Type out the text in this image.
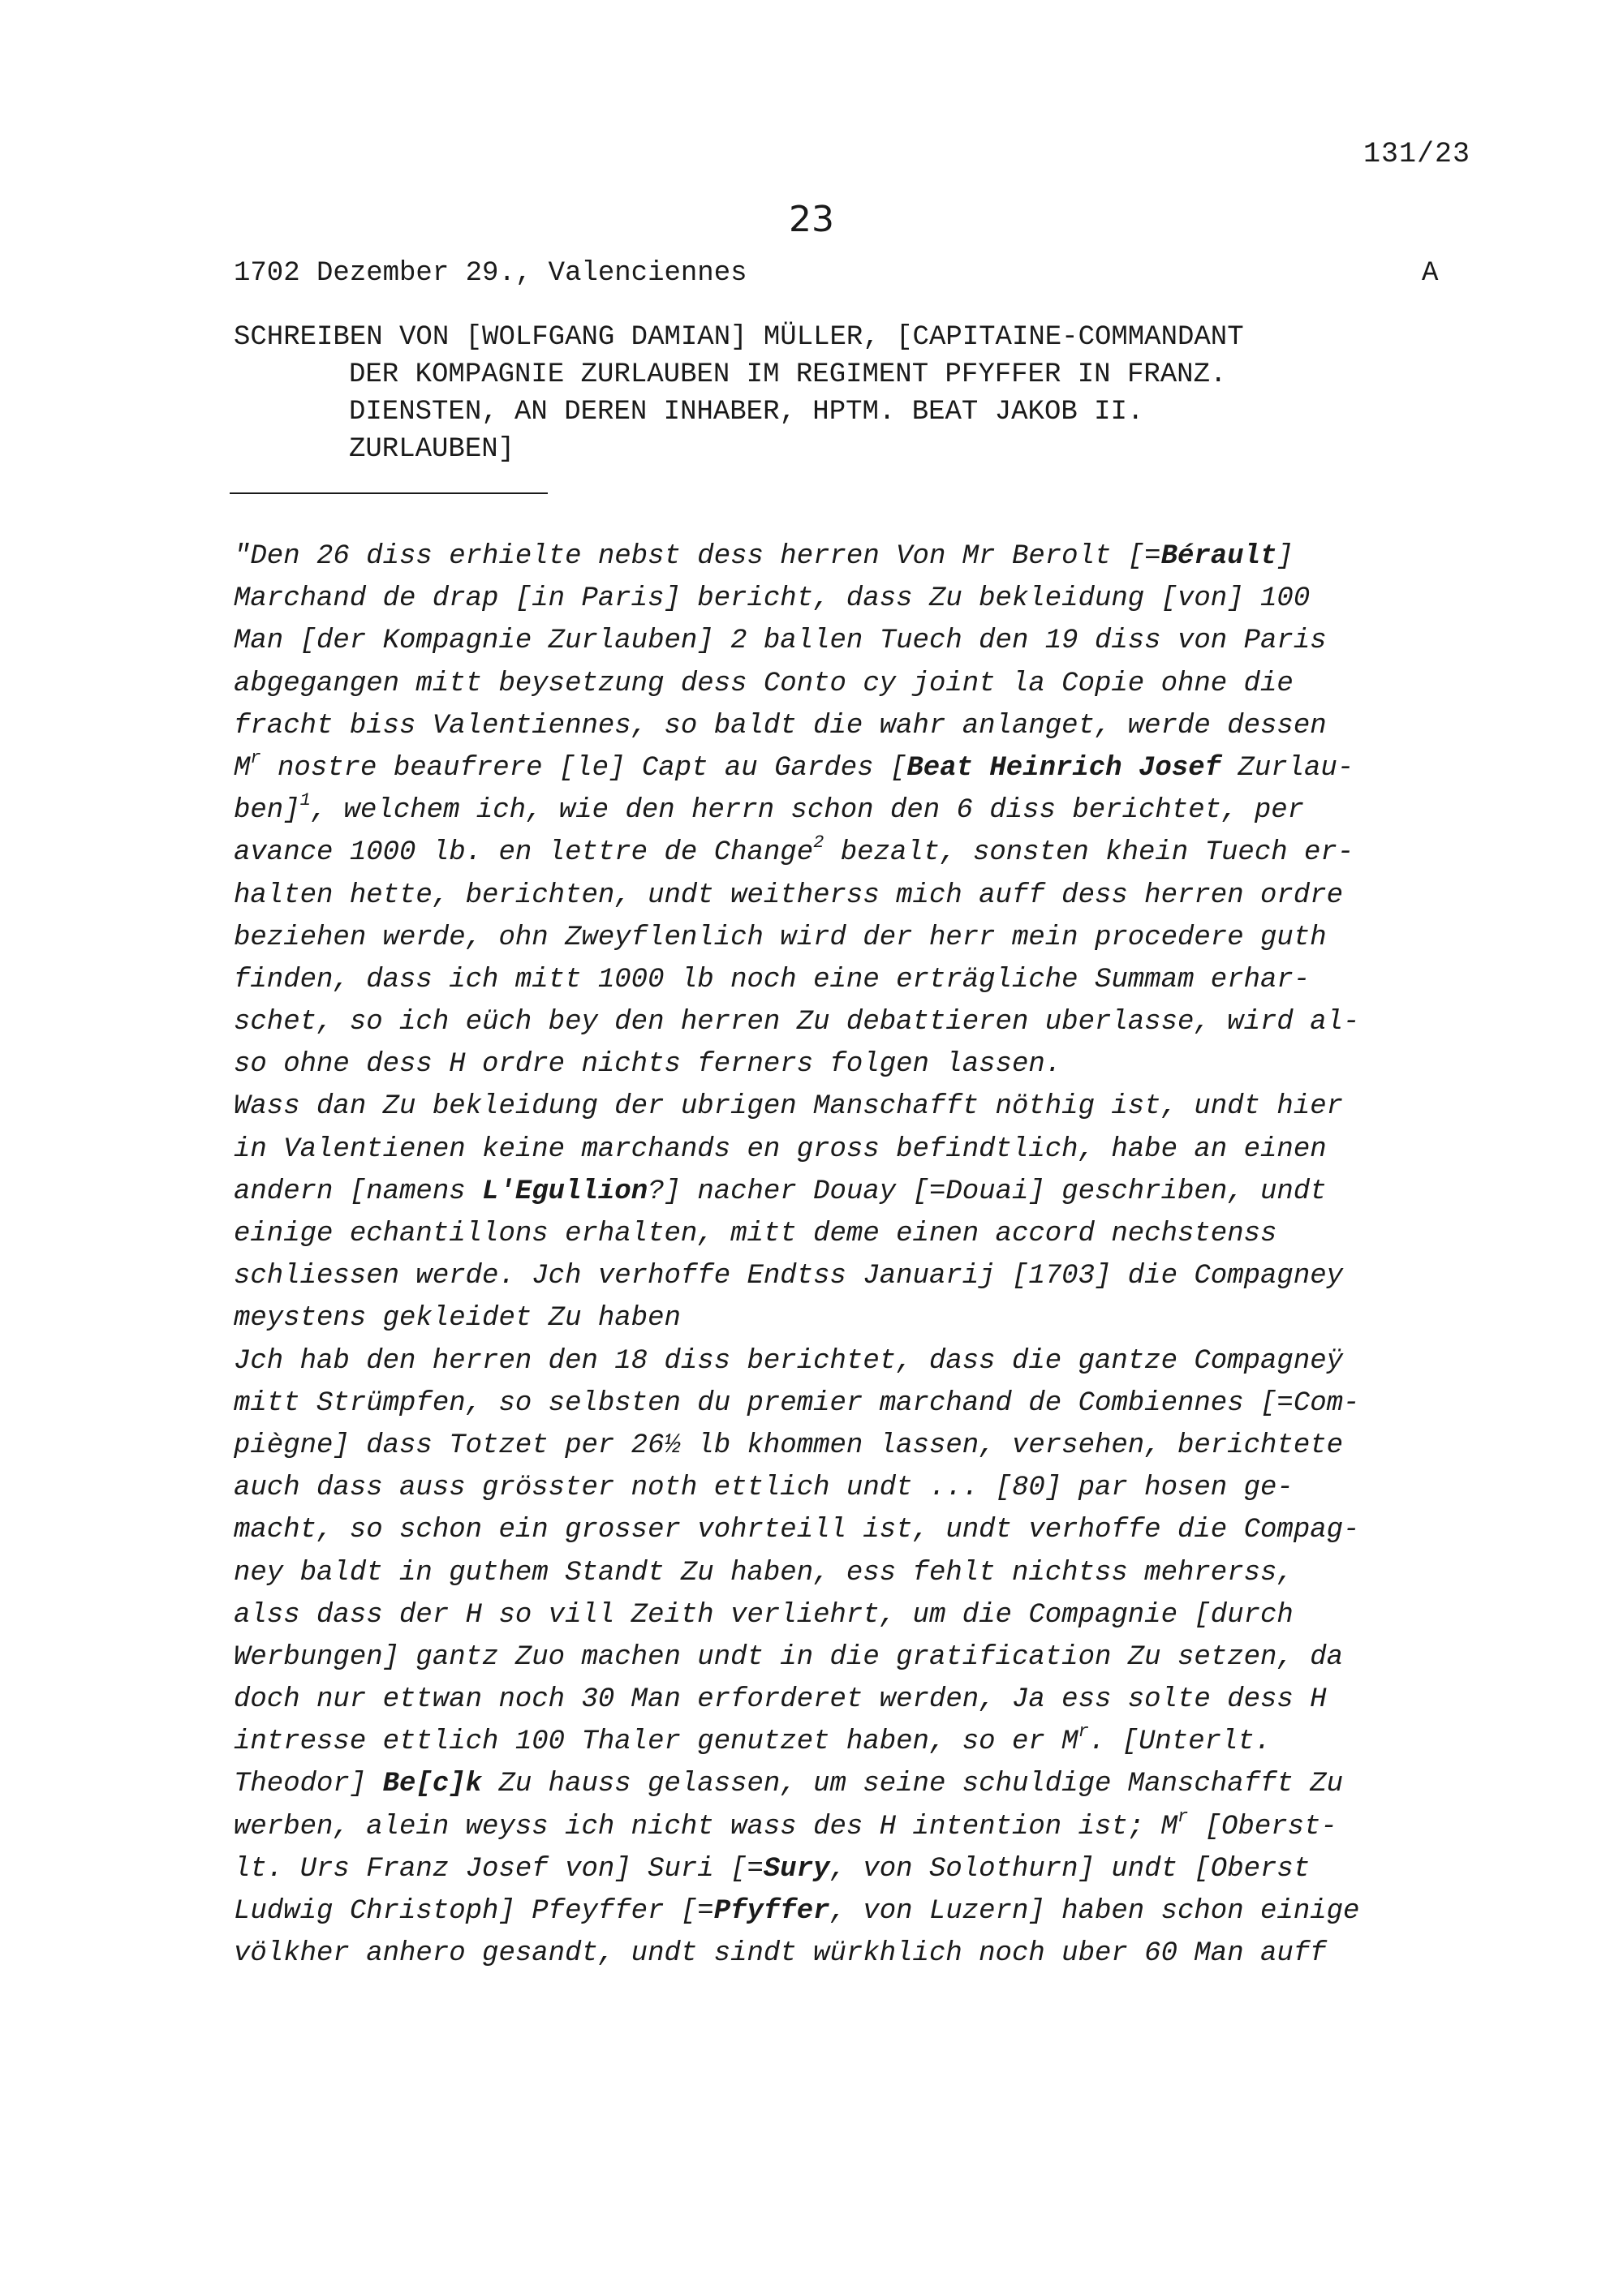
131/23
23
1702 Dezember 29., Valenciennes	A
SCHREIBEN VON [WOLFGANG DAMIAN] MÜLLER, [CAPITAINE-COMMANDANT
DER KOMPAGNIE ZURLAUBEN IM REGIMENT PFYFFER IN FRANZ.
DIENSTEN, AN DEREN INHABER, HPTM. BEAT JAKOB II.
ZURLAUBEN]
"Den 26 diss erhielte nebst dess herren Von Mr Berolt [=Bérault]
Marchand de drap [in Paris] bericht, dass Zu bekleidung [von] 100
Man [der Kompagnie Zurlauben] 2 ballen Tuech den 19 diss von Paris
abgegangen mitt beysetzung dess Conto cy joint la Copie ohne die
fracht biss Valentiennes, so baldt die wahr anlanget, werde dessen
$M^r$ nostre beaufrere [le] Capt au Gardes [Beat Heinrich Josef Zurlau-
ben]$^1$, welchem ich, wie den herrn schon den 6 diss berichtet, per
avance 1000 lb. en lettre de Change$^2$ bezalt, sonsten khein Tuech er-
halten hette, berichten, undt weitherss mich auff dess herren ordre
beziehen werde, ohn Zweyflenlich wird der herr mein procedere guth
finden, dass ich mitt 1000 lb noch eine erträgliche Summam erhar-
schet, so ich eüch bey den herren Zu debattieren uberlasse, wird al-
so ohne dess H ordre nichts ferners folgen lassen.
Wass dan Zu bekleidung der ubrigen Manschafft nöthig ist, undt hier
in Valentienen keine marchands en gross befindtlich, habe an einen
andern [namens L'Egullion?] nacher Douay [=Douai] geschriben, undt
einige echantillons erhalten, mitt deme einen accord nechstenss
schliessen werde. Jch verhoffe Endtss Januarij [1703] die Compagney
meystens gekleidet Zu haben
Jch hab den herren den 18 diss berichtet, dass die gantze Compagneÿ
mitt Strümpfen, so selbsten du premier marchand de Combiennes [=Com-
piègne] dass Totzet per 26½ lb khommen lassen, versehen, berichtete
auch dass auss grösster noth ettlich undt ... [80] par hosen ge-
macht, so schon ein grosser vohrteill ist, undt verhoffe die Compag-
ney baldt in guthem Standt Zu haben, ess fehlt nichtss mehrerss,
alss dass der H so vill Zeith verliehrt, um die Compagnie [durch
Werbungen] gantz Zuo machen undt in die gratification Zu setzen, da
doch nur ettwan noch 30 Man erforderet werden, Ja ess solte dess H
intresse ettlich 100 Thaler genutzet haben, so er $M^r$. [Unterlt.
Theodor] Be[c]k Zu hauss gelassen, um seine schuldige Manschafft Zu
werben, alein weyss ich nicht wass des H intention ist; $M^r$ [Oberst-
lt. Urs Franz Josef von] Suri [=Sury, von Solothurn] undt [Oberst
Ludwig Christoph] Pfeyffer [=Pfyffer, von Luzern] haben schon einige
völkher anhero gesandt, undt sindt würkhlich noch uber 60 Man auff
